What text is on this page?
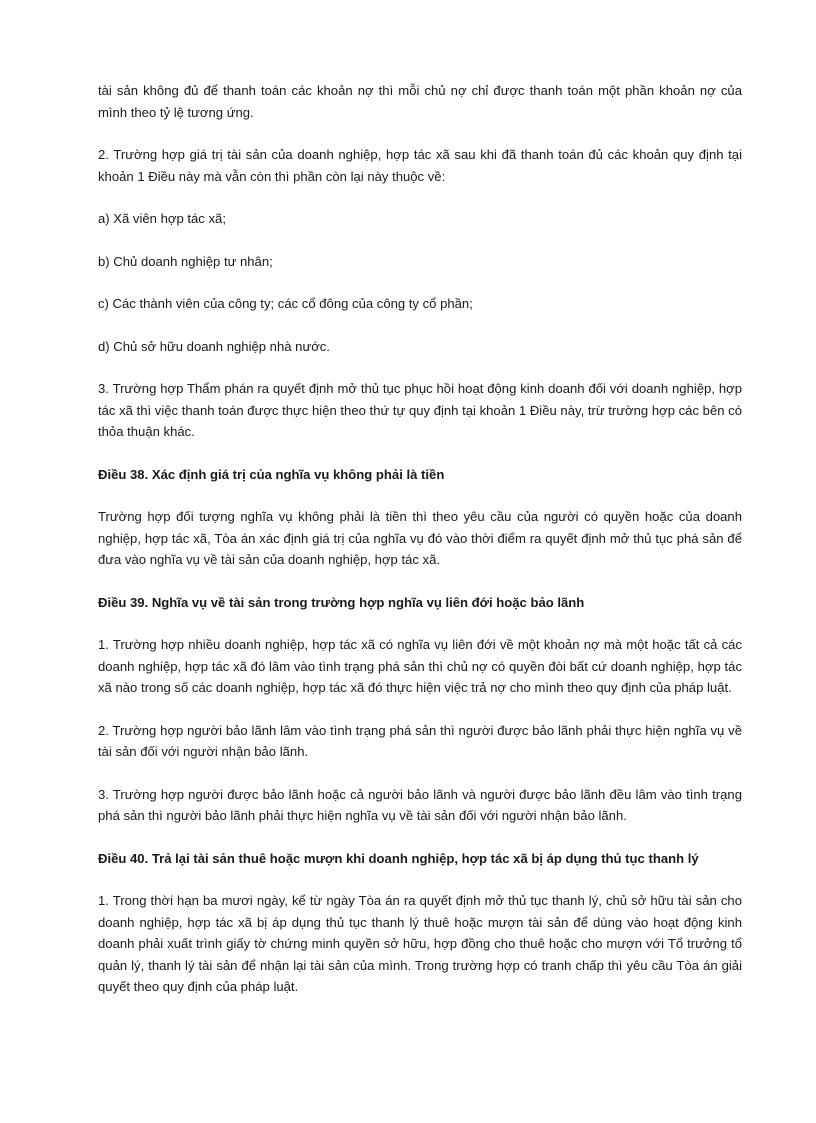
tài sản không đủ để thanh toán các khoản nợ thì mỗi chủ nợ chỉ được thanh toán một phần khoản nợ của mình theo tỷ lệ tương ứng.

2. Trường hợp giá trị tài sản của doanh nghiệp, hợp tác xã sau khi đã thanh toán đủ các khoản quy định tại khoản 1 Điều này mà vẫn còn thì phần còn lại này thuộc về:

a) Xã viên hợp tác xã;

b) Chủ doanh nghiệp tư nhân;

c) Các thành viên của công ty; các cổ đông của công ty cổ phần;

d) Chủ sở hữu doanh nghiệp nhà nước.

3. Trường hợp Thẩm phán ra quyết định mở thủ tục phục hồi hoạt động kinh doanh đối với doanh nghiệp, hợp tác xã thì việc thanh toán được thực hiện theo thứ tự quy định tại khoản 1 Điều này, trừ trường hợp các bên có thỏa thuận khác.

Điều 38. Xác định giá trị của nghĩa vụ không phải là tiền

Trường hợp đối tượng nghĩa vụ không phải là tiền thì theo yêu cầu của người có quyền hoặc của doanh nghiệp, hợp tác xã, Tòa án xác định giá trị của nghĩa vụ đó vào thời điểm ra quyết định mở thủ tục phá sản để đưa vào nghĩa vụ về tài sản của doanh nghiệp, hợp tác xã.

Điều 39. Nghĩa vụ về tài sản trong trường hợp nghĩa vụ liên đới hoặc bảo lãnh

1. Trường hợp nhiều doanh nghiệp, hợp tác xã có nghĩa vụ liên đới về một khoản nợ mà một hoặc tất cả các doanh nghiệp, hợp tác xã đó lâm vào tình trạng phá sản thì chủ nợ có quyền đòi bất cứ doanh nghiệp, hợp tác xã nào trong số các doanh nghiệp, hợp tác xã đó thực hiện việc trả nợ cho mình theo quy định của pháp luật.

2. Trường hợp người bảo lãnh lâm vào tình trạng phá sản thì người được bảo lãnh phải thực hiện nghĩa vụ về tài sản đối với người nhận bảo lãnh.

3. Trường hợp người được bảo lãnh hoặc cả người bảo lãnh và người được bảo lãnh đều lâm vào tình trạng phá sản thì người bảo lãnh phải thực hiện nghĩa vụ về tài sản đối với người nhận bảo lãnh.

Điều 40. Trả lại tài sản thuê hoặc mượn khi doanh nghiệp, hợp tác xã bị áp dụng thủ tục thanh lý

1. Trong thời hạn ba mươi ngày, kể từ ngày Tòa án ra quyết định mở thủ tục thanh lý, chủ sở hữu tài sản cho doanh nghiệp, hợp tác xã bị áp dụng thủ tục thanh lý thuê hoặc mượn tài sản để dùng vào hoạt động kinh doanh phải xuất trình giấy tờ chứng minh quyền sở hữu, hợp đồng cho thuê hoặc cho mượn với Tổ trưởng tổ quản lý, thanh lý tài sản để nhận lại tài sản của mình. Trong trường hợp có tranh chấp thì yêu cầu Tòa án giải quyết theo quy định của pháp luật.
